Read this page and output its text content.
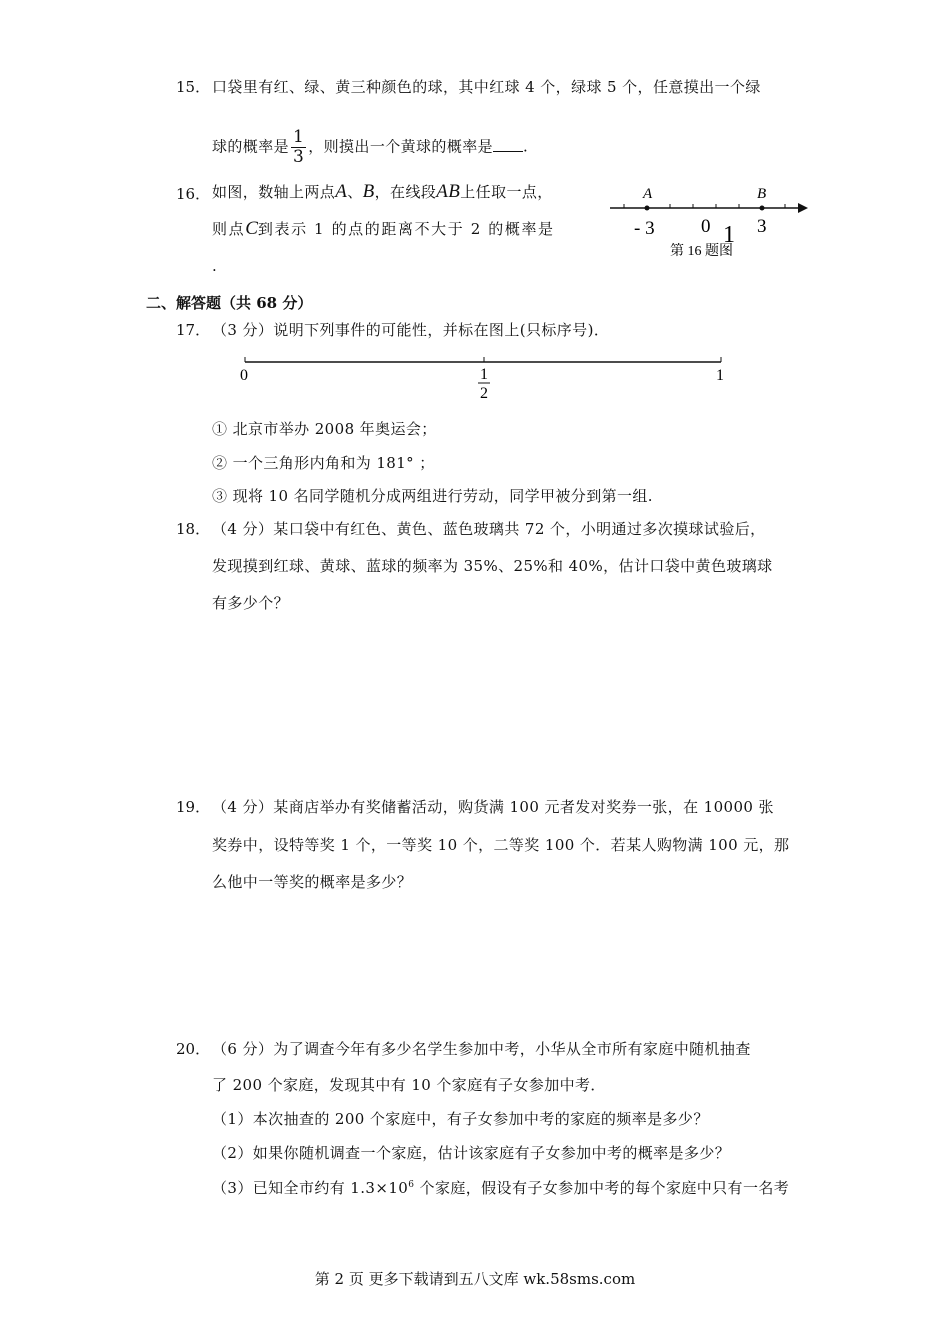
15． 口袋里有红、绿、黄三种颜色的球，其中红球 4 个，绿球 5 个，任意摸出一个绿
球的概率是 $\frac{1}{3}$ ，则摸出一个黄球的概率是 .
16． 如图，数轴上两点A、B，在线段AB上任取一点，
则点C到表示 1 的点的距离不大于 2 的概率是
.
A	B
- 3 0 1 3
第 16 题图
二、解答题（共 68 分）
17． （3 分）说明下列事件的可能性，并标在图上(只标序号)．
0	1
2
1
① 北京市举办 2008 年奥运会；
② 一个三角形内角和为 181° ；
③ 现将 10 名同学随机分成两组进行劳动，同学甲被分到第一组.
18． （4 分）某口袋中有红色、黄色、蓝色玻璃共 72 个，小明通过多次摸球试验后，
发现摸到红球、黄球、蓝球的频率为 35%、25%和 40%，估计口袋中黄色玻璃球
有多少个？
19． （4 分）某商店举办有奖储蓄活动，购货满 100 元者发对奖券一张，在 10000 张
奖券中，设特等奖 1 个，一等奖 10 个，二等奖 100 个．若某人购物满 100 元，那
么他中一等奖的概率是多少？
20． （6 分）为了调查今年有多少名学生参加中考，小华从全市所有家庭中随机抽查
了 200 个家庭，发现其中有 10 个家庭有子女参加中考．
（1）本次抽查的 200 个家庭中，有子女参加中考的家庭的频率是多少？
（2）如果你随机调查一个家庭，估计该家庭有子女参加中考的概率是多少？
（3）已知全市约有 $1.3\times 10^6$ 个家庭，假设有子女参加中考的每个家庭中只有一名考
第 2 页 更多下载请到五八文库 wk.58sms.com
